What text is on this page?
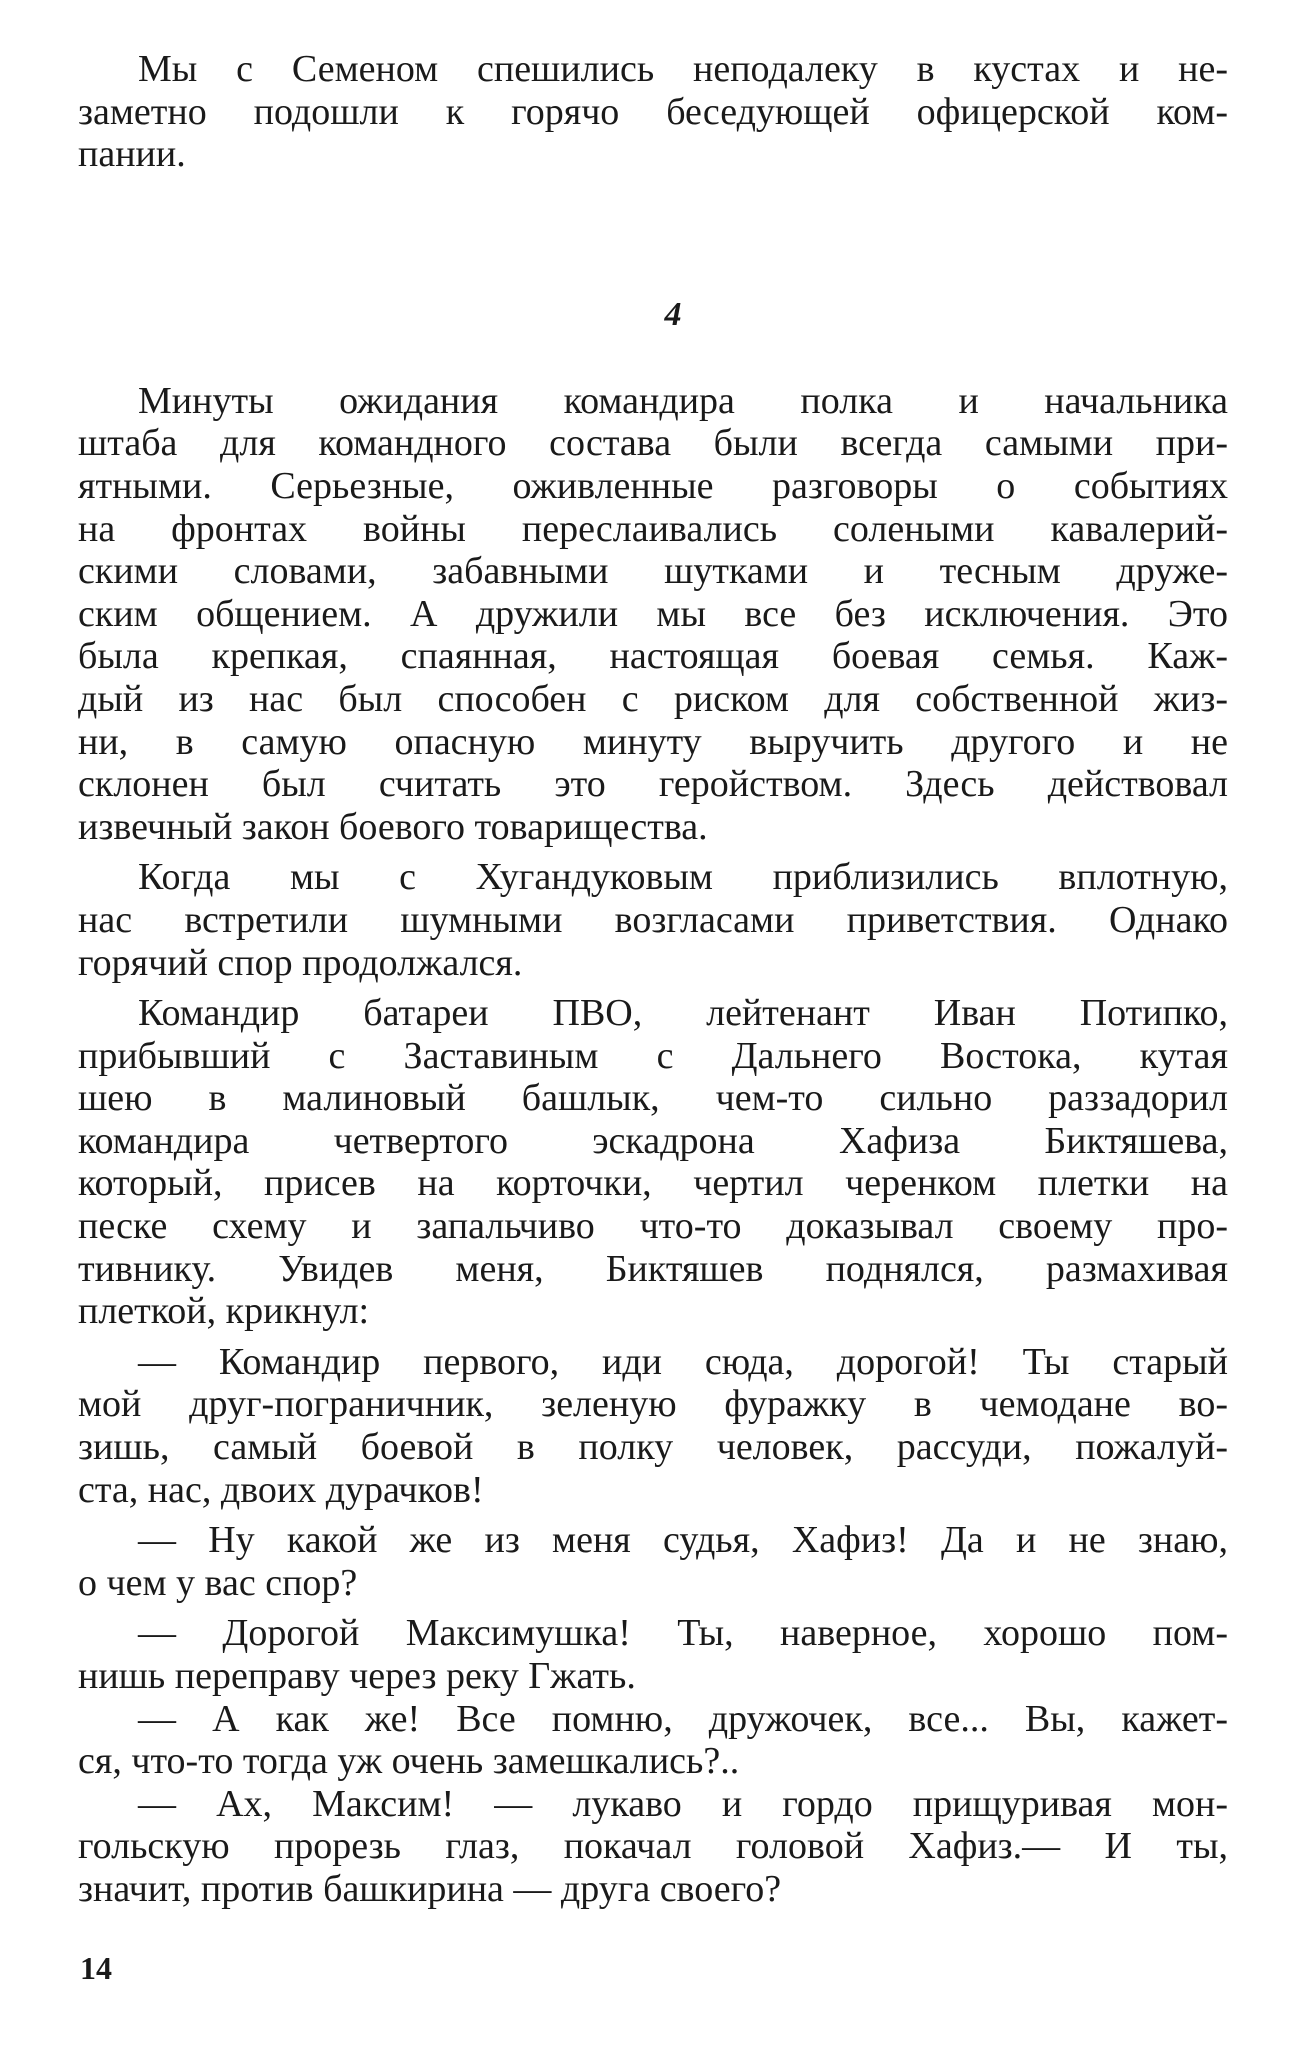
Мы с Семеном спешились неподалеку в кустах и не-
заметно подошли к горячо беседующей офицерской ком-
пании.
4
Минуты ожидания командира полка и начальника
штаба для командного состава были всегда самыми при-
ятными. Серьезные, оживленные разговоры о событиях
на фронтах войны переслаивались солеными кавалерий-
скими словами, забавными шутками и тесным друже-
ским общением. А дружили мы все без исключения. Это
была крепкая, спаянная, настоящая боевая семья. Каж-
дый из нас был способен с риском для собственной жиз-
ни, в самую опасную минуту выручить другого и не
склонен был считать это геройством. Здесь действовал
извечный закон боевого товарищества.
Когда мы с Хугандуковым приблизились вплотную,
нас встретили шумными возгласами приветствия. Однако
горячий спор продолжался.
Командир батареи ПВО, лейтенант Иван Потипко,
прибывший с Заставиным с Дальнего Востока, кутая
шею в малиновый башлык, чем-то сильно раззадорил
командира четвертого эскадрона Хафиза Биктяшева,
который, присев на корточки, чертил черенком плетки на
песке схему и запальчиво что-то доказывал своему про-
тивнику. Увидев меня, Биктяшев поднялся, размахивая
плеткой, крикнул:
— Командир первого, иди сюда, дорогой! Ты старый
мой друг-пограничник, зеленую фуражку в чемодане во-
зишь, самый боевой в полку человек, рассуди, пожалуй-
ста, нас, двоих дурачков!
— Ну какой же из меня судья, Хафиз! Да и не знаю,
о чем у вас спор?
— Дорогой Максимушка! Ты, наверное, хорошо пом-
нишь переправу через реку Гжать.
— А как же! Все помню, дружочек, все... Вы, кажет-
ся, что-то тогда уж очень замешкались?..
— Ах, Максим! — лукаво и гордо прищуривая мон-
гольскую прорезь глаз, покачал головой Хафиз.— И ты,
значит, против башкирина — друга своего?
14
